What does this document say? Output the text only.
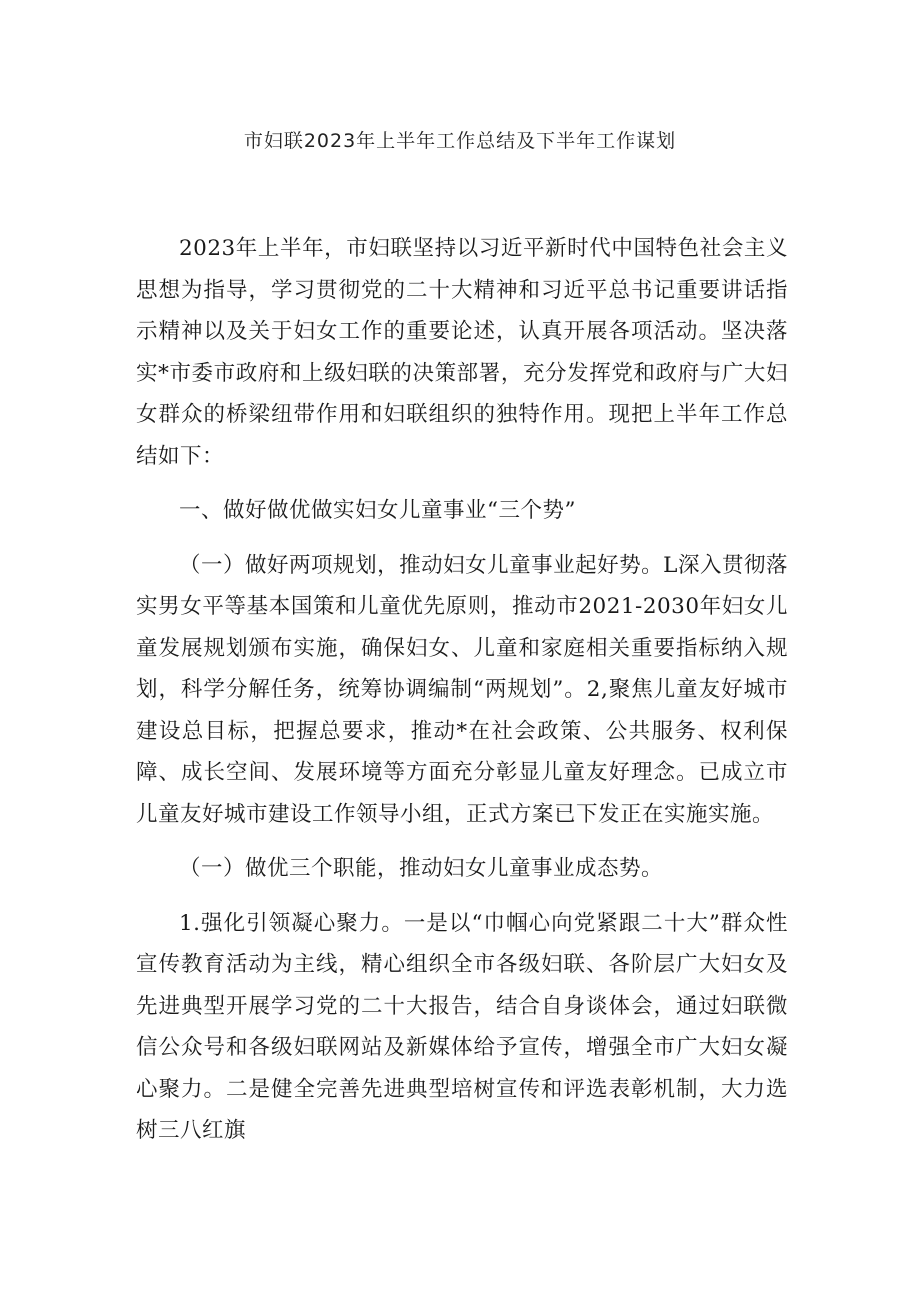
市妇联2023年上半年工作总结及下半年工作谋划

2023年上半年，市妇联坚持以习近平新时代中国特色社会主义思想为指导，学习贯彻党的二十大精神和习近平总书记重要讲话指示精神以及关于妇女工作的重要论述，认真开展各项活动。坚决落实*市委市政府和上级妇联的决策部署，充分发挥党和政府与广大妇女群众的桥梁纽带作用和妇联组织的独特作用。现把上半年工作总结如下：

一、做好做优做实妇女儿童事业“三个势”

（一）做好两项规划，推动妇女儿童事业起好势。L深入贯彻落实男女平等基本国策和儿童优先原则，推动市2021-2030年妇女儿童发展规划颁布实施，确保妇女、儿童和家庭相关重要指标纳入规划，科学分解任务，统筹协调编制“两规划”。2,聚焦儿童友好城市建设总目标，把握总要求，推动*在社会政策、公共服务、权利保障、成长空间、发展环境等方面充分彰显儿童友好理念。已成立市儿童友好城市建设工作领导小组，正式方案已下发正在实施实施。

（一）做优三个职能，推动妇女儿童事业成态势。

1.强化引领凝心聚力。一是以“巾帼心向党紧跟二十大”群众性宣传教育活动为主线，精心组织全市各级妇联、各阶层广大妇女及先进典型开展学习党的二十大报告，结合自身谈体会，通过妇联微信公众号和各级妇联网站及新媒体给予宣传，增强全市广大妇女凝心聚力。二是健全完善先进典型培树宣传和评选表彰机制，大力选树三八红旗
